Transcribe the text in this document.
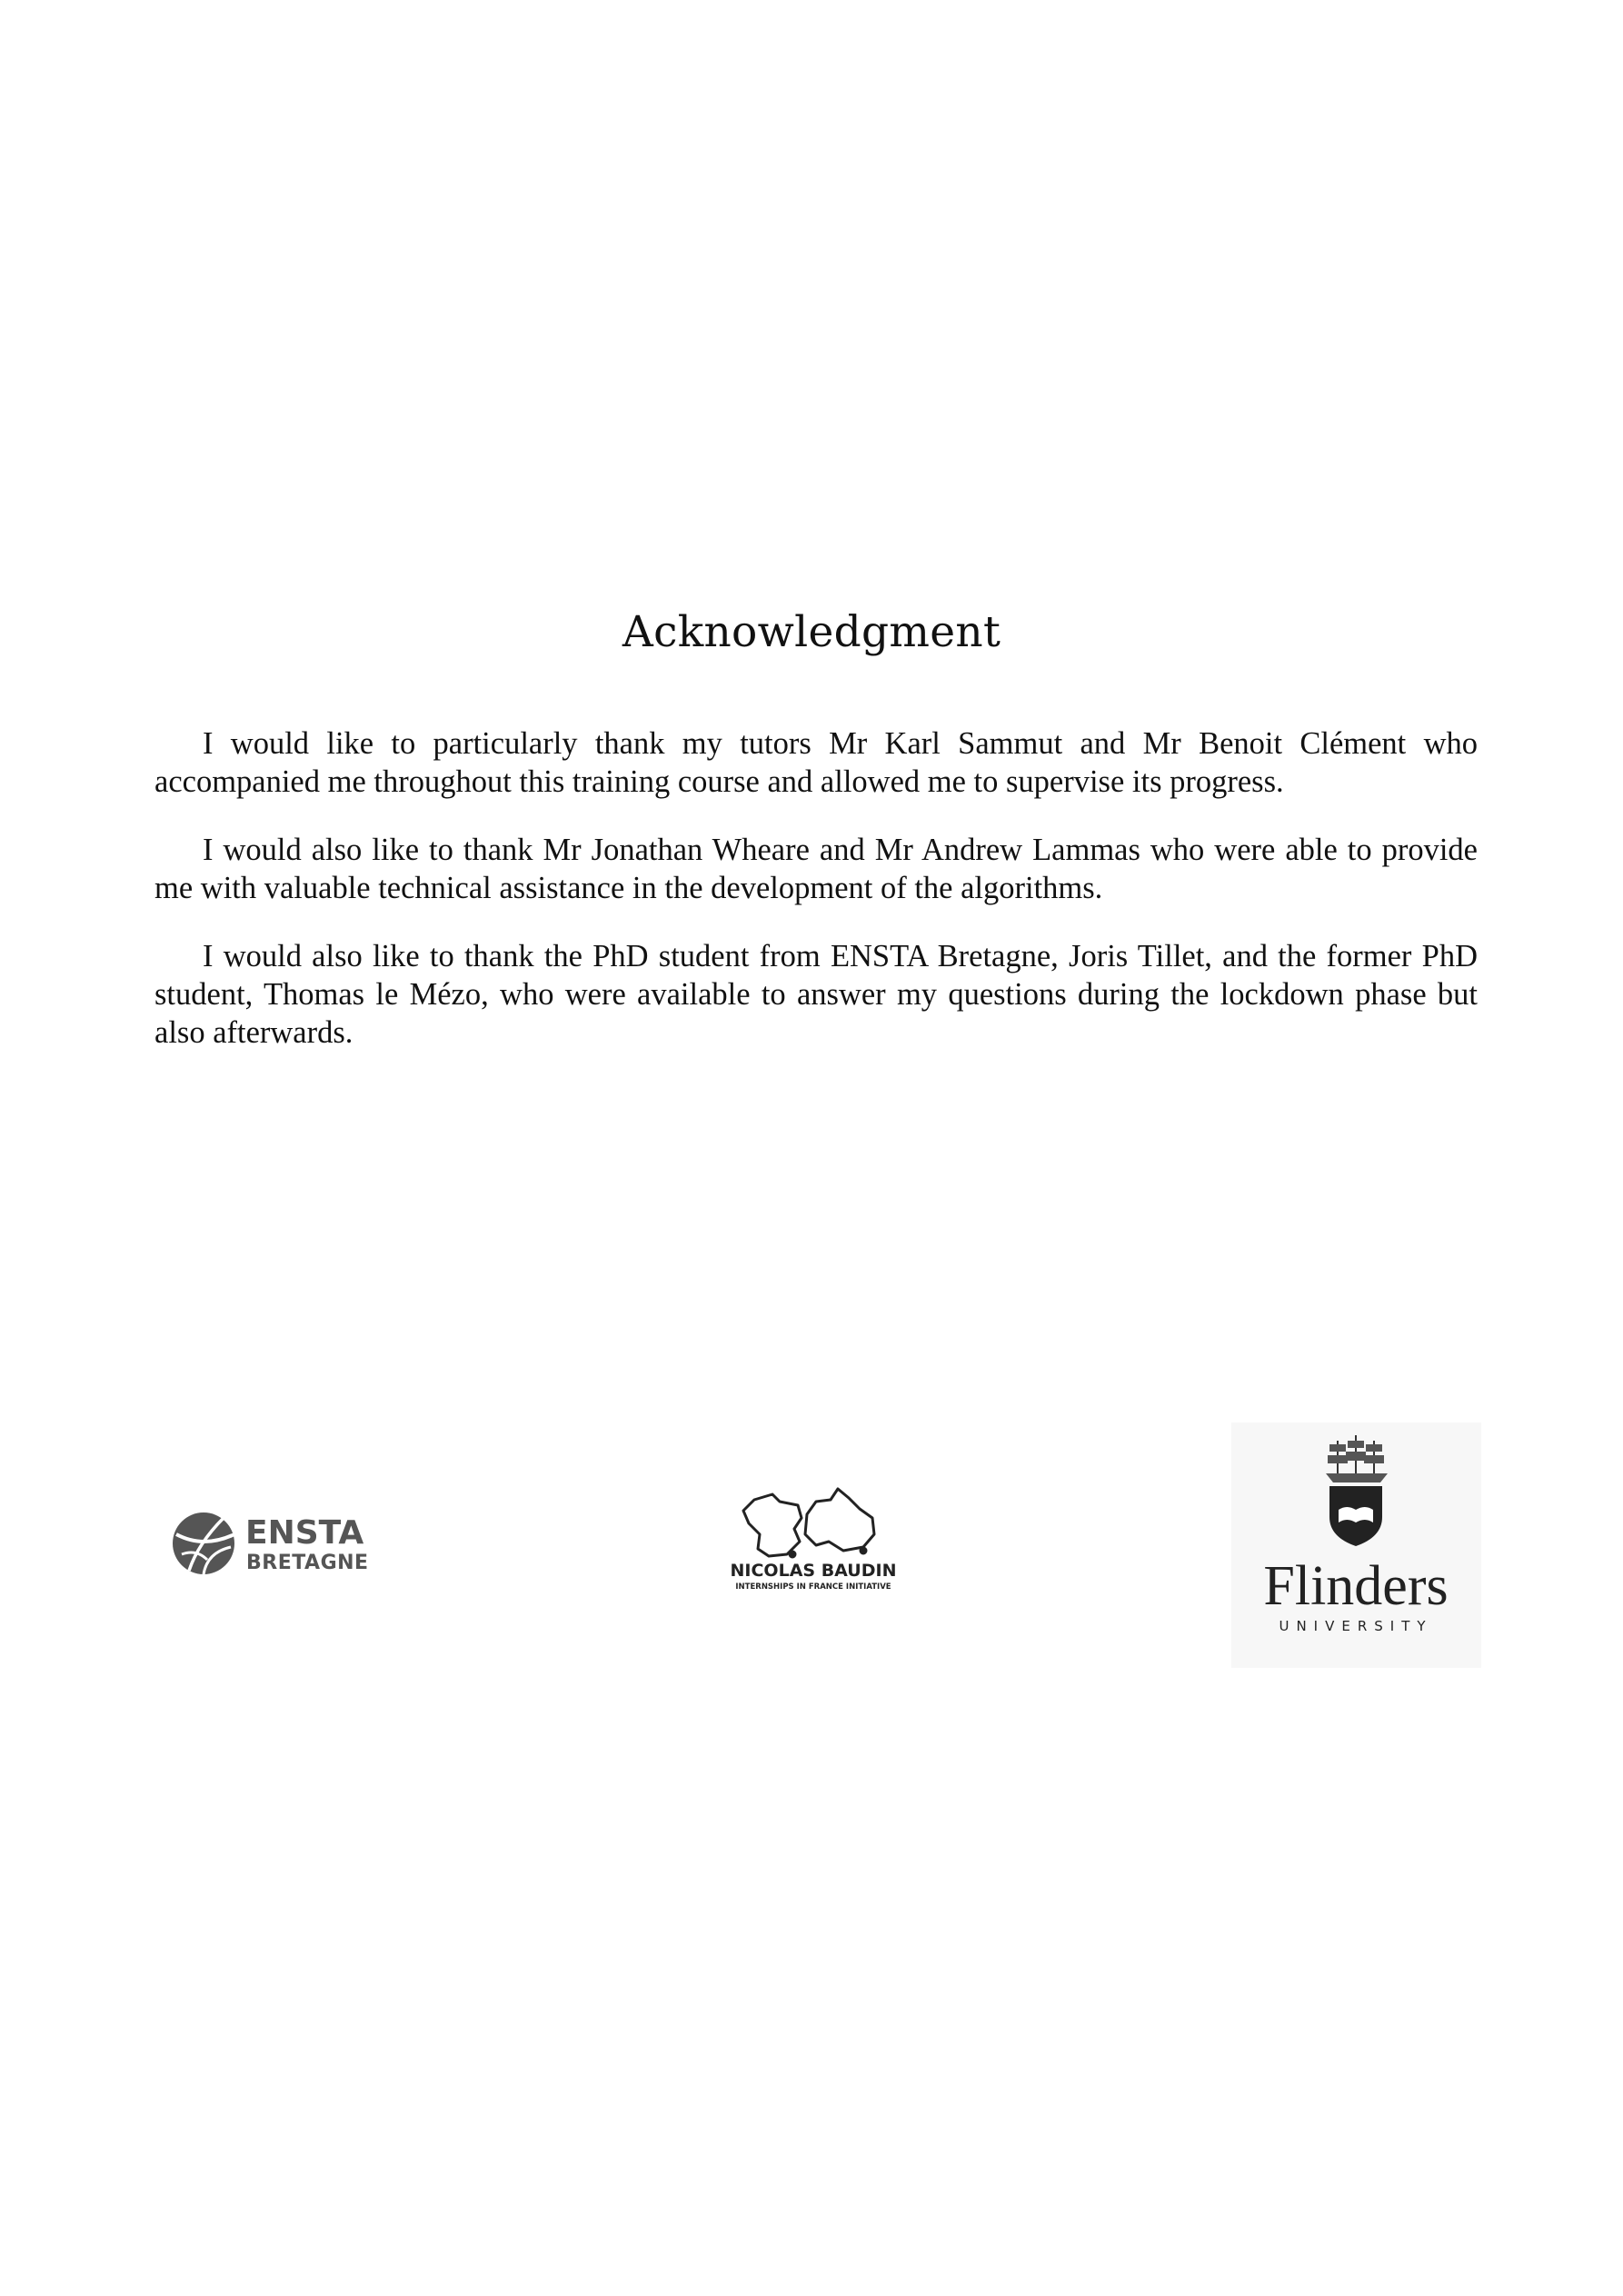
Acknowledgment

I would like to particularly thank my tutors Mr Karl Sammut and Mr Benoit Clément who accompanied me throughout this training course and allowed me to supervise its progress.

I would also like to thank Mr Jonathan Wheare and Mr Andrew Lammas who were able to provide me with valuable technical assistance in the development of the algorithms.

I would also like to thank the PhD student from ENSTA Bretagne, Joris Tillet, and the former PhD student, Thomas le Mézo, who were available to answer my questions during the lockdown phase but also afterwards.

ENSTA
BRETAGNE	NICOLAS BAUDIN
INTERNSHIPS IN FRANCE INITIATIVE	Flinders
UNIVERSITY
